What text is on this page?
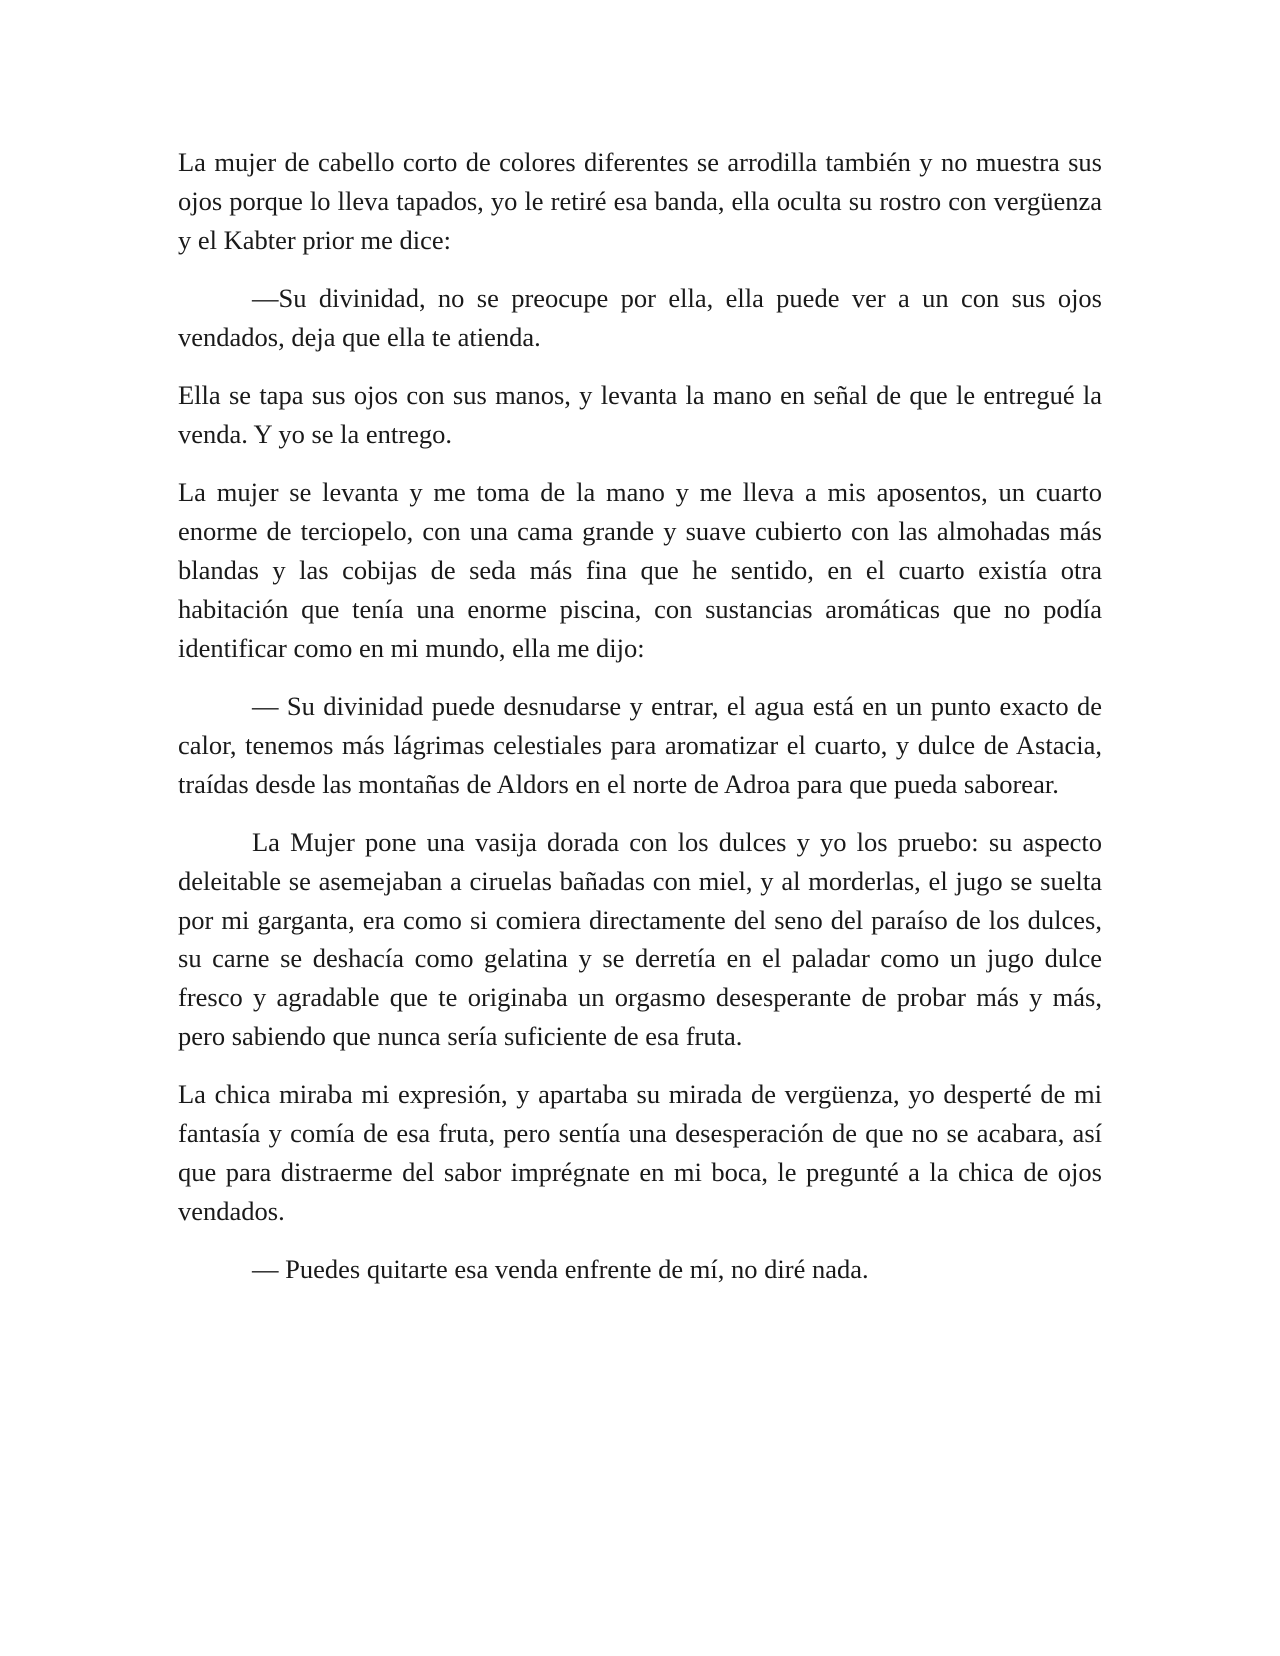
La mujer de cabello corto de colores diferentes se arrodilla también y no muestra sus ojos porque lo lleva tapados, yo le retiré esa banda, ella oculta su rostro con vergüenza y el Kabter prior me dice:

—Su divinidad, no se preocupe por ella, ella puede ver a un con sus ojos vendados, deja que ella te atienda.

Ella se tapa sus ojos con sus manos, y levanta la mano en señal de que le entregué la venda. Y yo se la entrego.

La mujer se levanta y me toma de la mano y me lleva a mis aposentos, un cuarto enorme de terciopelo, con una cama grande y suave cubierto con las almohadas más blandas y las cobijas de seda más fina que he sentido, en el cuarto existía otra habitación que tenía una enorme piscina, con sustancias aromáticas que no podía identificar como en mi mundo, ella me dijo:

— Su divinidad puede desnudarse y entrar, el agua está en un punto exacto de calor, tenemos más lágrimas celestiales para aromatizar el cuarto, y dulce de Astacia, traídas desde las montañas de Aldors en el norte de Adroa para que pueda saborear.

La Mujer pone una vasija dorada con los dulces y yo los pruebo: su aspecto deleitable se asemejaban a ciruelas bañadas con miel, y al morderlas, el jugo se suelta por mi garganta, era como si comiera directamente del seno del paraíso de los dulces, su carne se deshacía como gelatina y se derretía en el paladar como un jugo dulce fresco y agradable que te originaba un orgasmo desesperante de probar más y más, pero sabiendo que nunca sería suficiente de esa fruta.

La chica miraba mi expresión, y apartaba su mirada de vergüenza, yo desperté de mi fantasía y comía de esa fruta, pero sentía una desesperación de que no se acabara, así que para distraerme del sabor imprégnate en mi boca, le pregunté a la chica de ojos vendados.

— Puedes quitarte esa venda enfrente de mí, no diré nada.
